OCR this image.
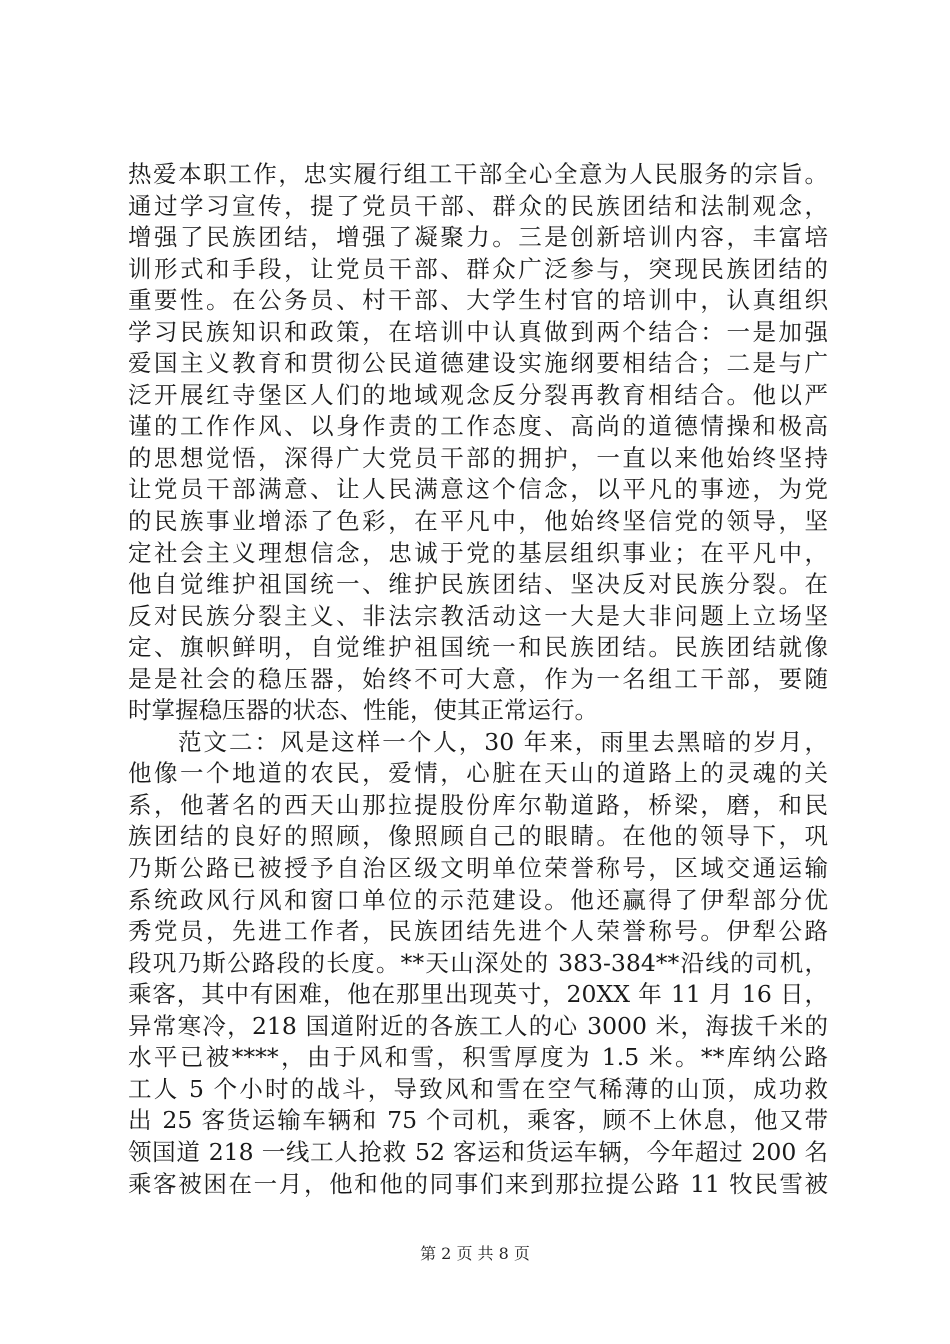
热爱本职工作，忠实履行组工干部全心全意为人民服务的宗旨。
通过学习宣传，提了党员干部、群众的民族团结和法制观念，
增强了民族团结，增强了凝聚力。三是创新培训内容，丰富培
训形式和手段，让党员干部、群众广泛参与，突现民族团结的
重要性。在公务员、村干部、大学生村官的培训中，认真组织
学习民族知识和政策，在培训中认真做到两个结合：一是加强
爱国主义教育和贯彻公民道德建设实施纲要相结合；二是与广
泛开展红寺堡区人们的地域观念反分裂再教育相结合。他以严
谨的工作作风、以身作责的工作态度、高尚的道德情操和极高
的思想觉悟，深得广大党员干部的拥护，一直以来他始终坚持
让党员干部满意、让人民满意这个信念，以平凡的事迹，为党
的民族事业增添了色彩，在平凡中，他始终坚信党的领导，坚
定社会主义理想信念，忠诚于党的基层组织事业；在平凡中，
他自觉维护祖国统一、维护民族团结、坚决反对民族分裂。在
反对民族分裂主义、非法宗教活动这一大是大非问题上立场坚
定、旗帜鲜明，自觉维护祖国统一和民族团结。民族团结就像
是是社会的稳压器，始终不可大意，作为一名组工干部，要随
时掌握稳压器的状态、性能，使其正常运行。
范文二：风是这样一个人，30 年来，雨里去黑暗的岁月，
他像一个地道的农民，爱情，心脏在天山的道路上的灵魂的关
系，他著名的西天山那拉提股份库尔勒道路，桥梁，磨，和民
族团结的良好的照顾，像照顾自己的眼睛。在他的领导下，巩
乃斯公路已被授予自治区级文明单位荣誉称号，区域交通运输
系统政风行风和窗口单位的示范建设。他还赢得了伊犁部分优
秀党员，先进工作者，民族团结先进个人荣誉称号。伊犁公路
段巩乃斯公路段的长度。**天山深处的 383-384**沿线的司机，
乘客，其中有困难，他在那里出现英寸，20XX 年 11 月 16 日，
异常寒冷，218 国道附近的各族工人的心 3000 米，海拔千米的
水平已被****，由于风和雪，积雪厚度为 1.5 米。**库纳公路
工人 5 个小时的战斗，导致风和雪在空气稀薄的山顶，成功救
出 25 客货运输车辆和 75 个司机，乘客，顾不上休息，他又带
领国道 218 一线工人抢救 52 客运和货运车辆，今年超过 200 名
乘客被困在一月，他和他的同事们来到那拉提公路 11 牧民雪被
第 2 页 共 8 页
